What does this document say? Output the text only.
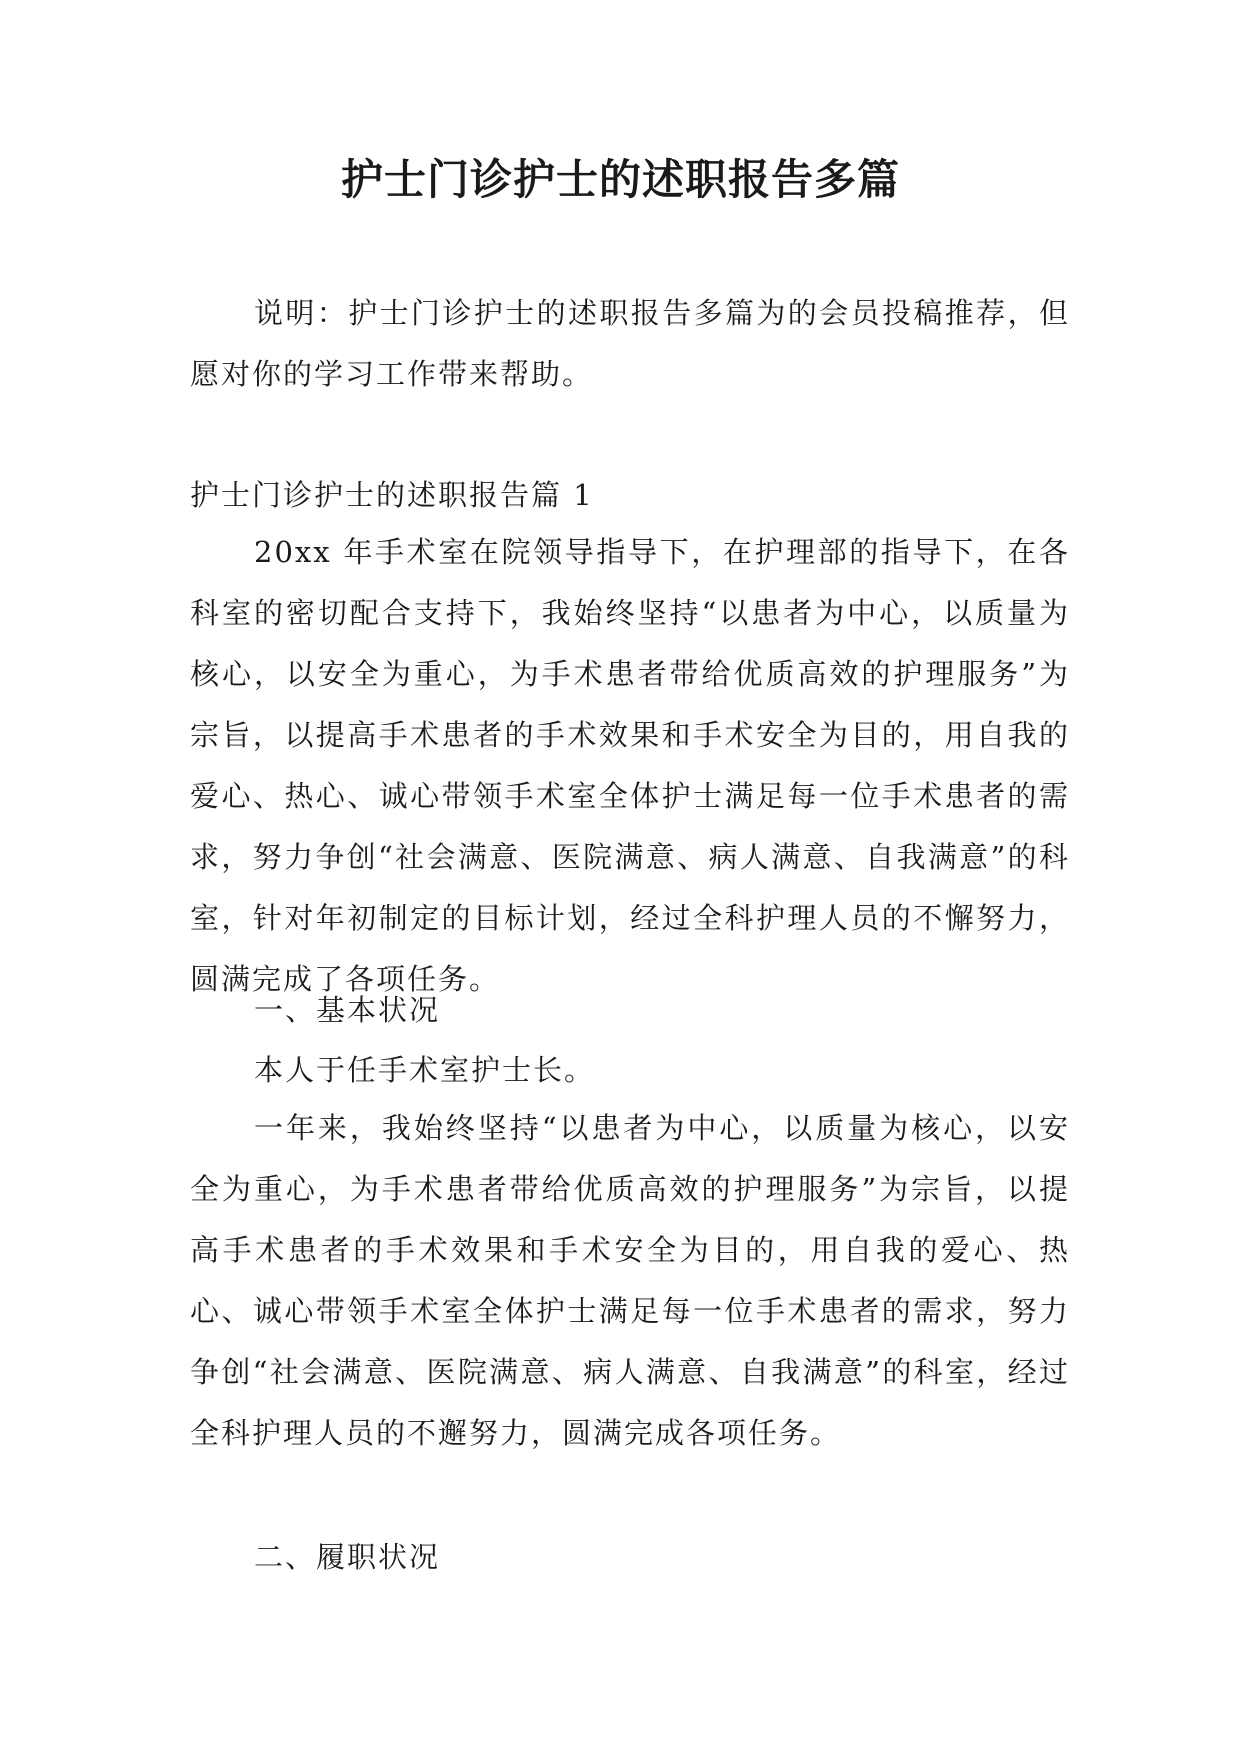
护士门诊护士的述职报告多篇

说明：护士门诊护士的述职报告多篇为的会员投稿推荐，但愿对你的学习工作带来帮助。

护士门诊护士的述职报告篇 1

20xx 年手术室在院领导指导下，在护理部的指导下，在各科室的密切配合支持下，我始终坚持“以患者为中心，以质量为核心，以安全为重心，为手术患者带给优质高效的护理服务”为宗旨，以提高手术患者的手术效果和手术安全为目的，用自我的爱心、热心、诚心带领手术室全体护士满足每一位手术患者的需求，努力争创“社会满意、医院满意、病人满意、自我满意”的科室，针对年初制定的目标计划，经过全科护理人员的不懈努力，圆满完成了各项任务。

一、基本状况

本人于任手术室护士长。

一年来，我始终坚持“以患者为中心，以质量为核心，以安全为重心，为手术患者带给优质高效的护理服务”为宗旨，以提高手术患者的手术效果和手术安全为目的，用自我的爱心、热心、诚心带领手术室全体护士满足每一位手术患者的需求，努力争创“社会满意、医院满意、病人满意、自我满意”的科室，经过全科护理人员的不邂努力，圆满完成各项任务。

二、履职状况
